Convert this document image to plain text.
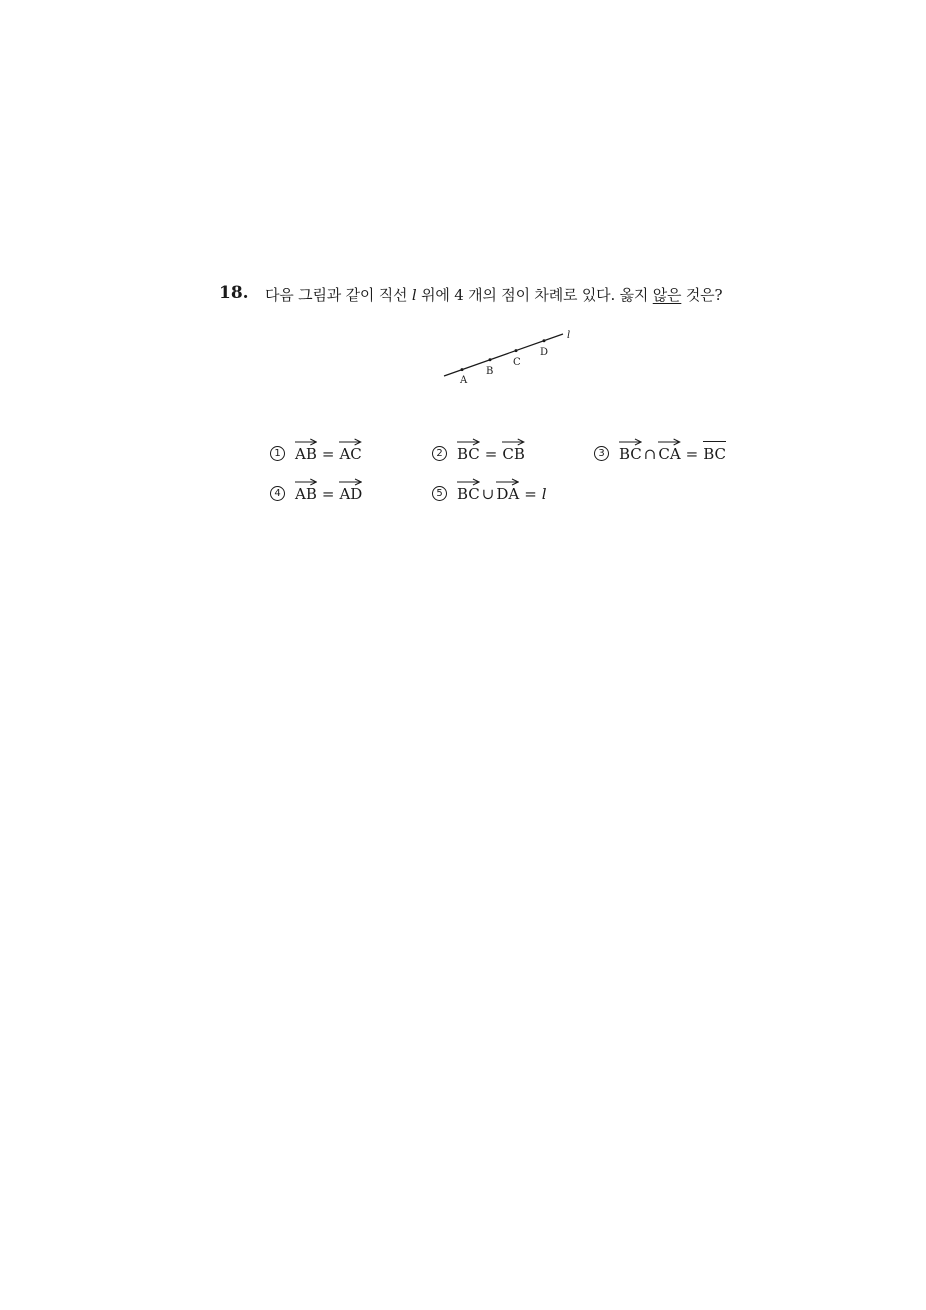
18. 다음 그림과 같이 직선 l 위에 4 개의 점이 차례로 있다. 옳지 않은 것은?
A
B
C
D
l
1 AB = AC	2 BC = CB	3 BC ∩ CA = BC
4 AB = AD	5 BC ∪ DA = l
